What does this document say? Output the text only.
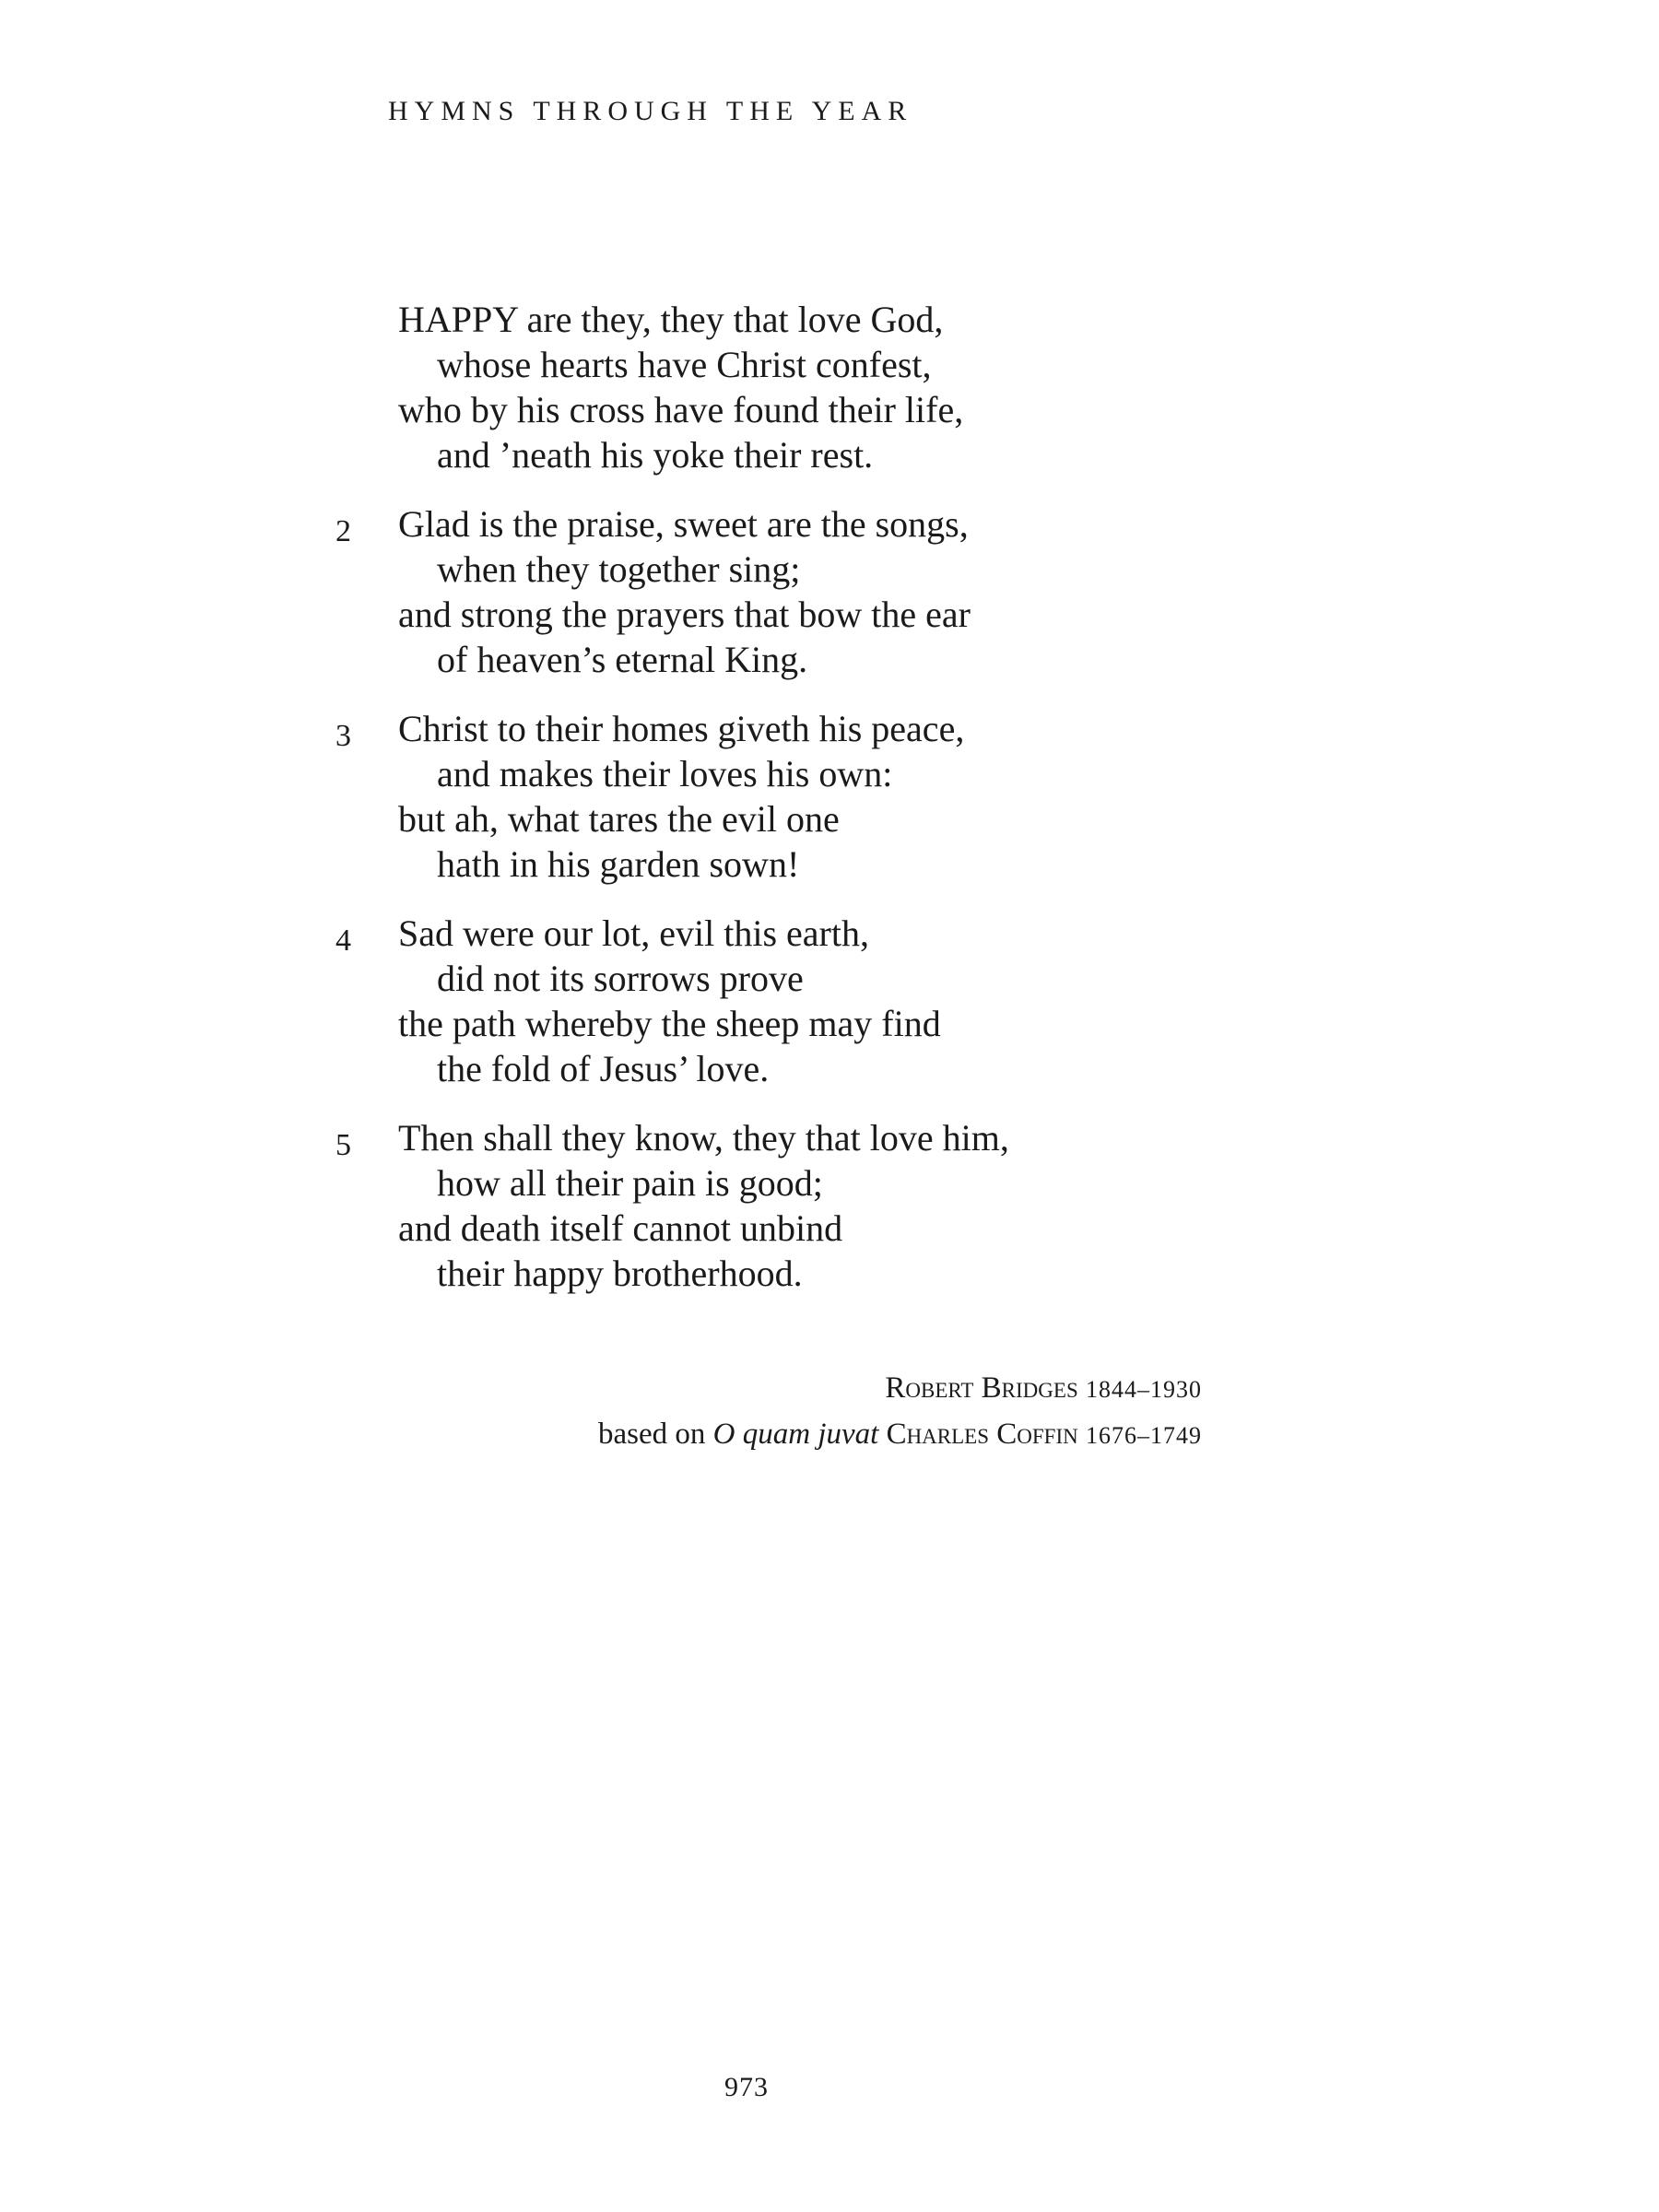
HYMNS THROUGH THE YEAR
HAPPY are they, they that love God,
whose hearts have Christ confest,
who by his cross have found their life,
and ’neath his yoke their rest.
2	Glad is the praise, sweet are the songs,
when they together sing;
and strong the prayers that bow the ear
of heaven’s eternal King.
3	Christ to their homes giveth his peace,
and makes their loves his own:
but ah, what tares the evil one
hath in his garden sown!
4	Sad were our lot, evil this earth,
did not its sorrows prove
the path whereby the sheep may find
the fold of Jesus’ love.
5	Then shall they know, they that love him,
how all their pain is good;
and death itself cannot unbind
their happy brotherhood.
Robert Bridges 1844–1930
based on O quam juvat Charles Coffin 1676–1749
973
